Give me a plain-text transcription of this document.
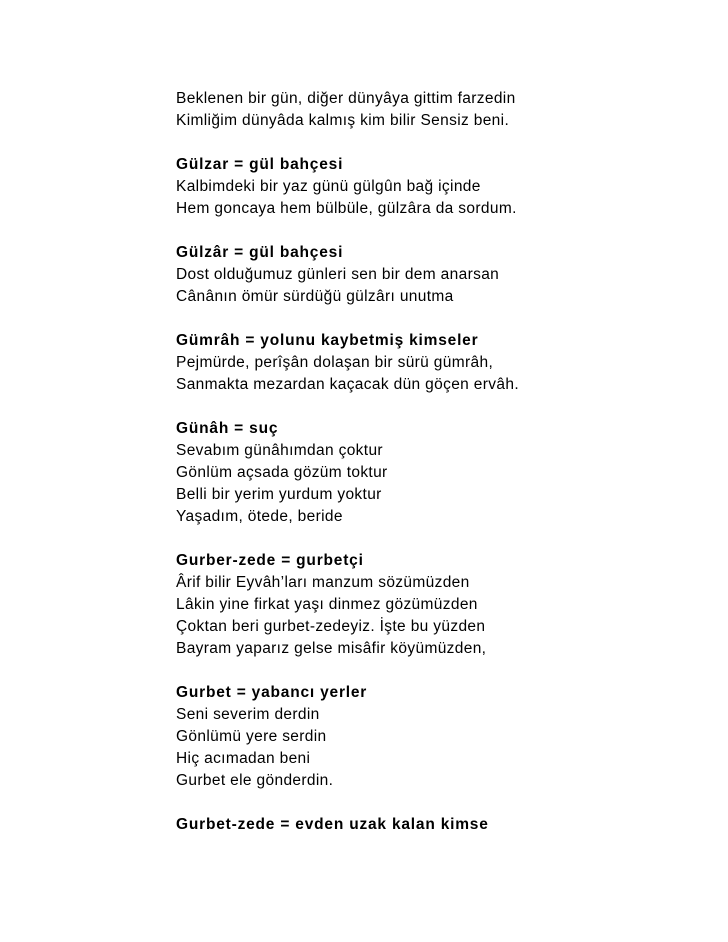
Beklenen bir gün, diğer dünyâya gittim farzedin
Kimliğim dünyâda kalmış kim bilir Sensiz beni.
Gülzar = gül bahçesi
Kalbimdeki bir yaz günü gülgûn bağ içinde
Hem goncaya hem bülbüle, gülzâra da sordum.
Gülzâr = gül bahçesi
Dost olduğumuz günleri sen bir dem anarsan
Cânânın ömür sürdüğü gülzârı unutma
Gümrâh = yolunu kaybetmiş kimseler
Pejmürde, perîşân dolaşan bir sürü gümrâh,
Sanmakta mezardan kaçacak dün göçen ervâh.
Günâh = suç
Sevabım günâhımdan çoktur
Gönlüm açsada gözüm toktur
Belli bir yerim yurdum yoktur
Yaşadım, ötede, beride
Gurber-zede = gurbetçi
Ârif bilir Eyvâh’ları manzum sözümüzden
Lâkin yine firkat yaşı dinmez gözümüzden
Çoktan beri gurbet-zedeyiz. İşte bu yüzden
Bayram yaparız gelse misâfir köyümüzden,
Gurbet = yabancı yerler
Seni severim derdin
Gönlümü yere serdin
Hiç acımadan beni
Gurbet ele gönderdin.
Gurbet-zede = evden uzak kalan kimse
